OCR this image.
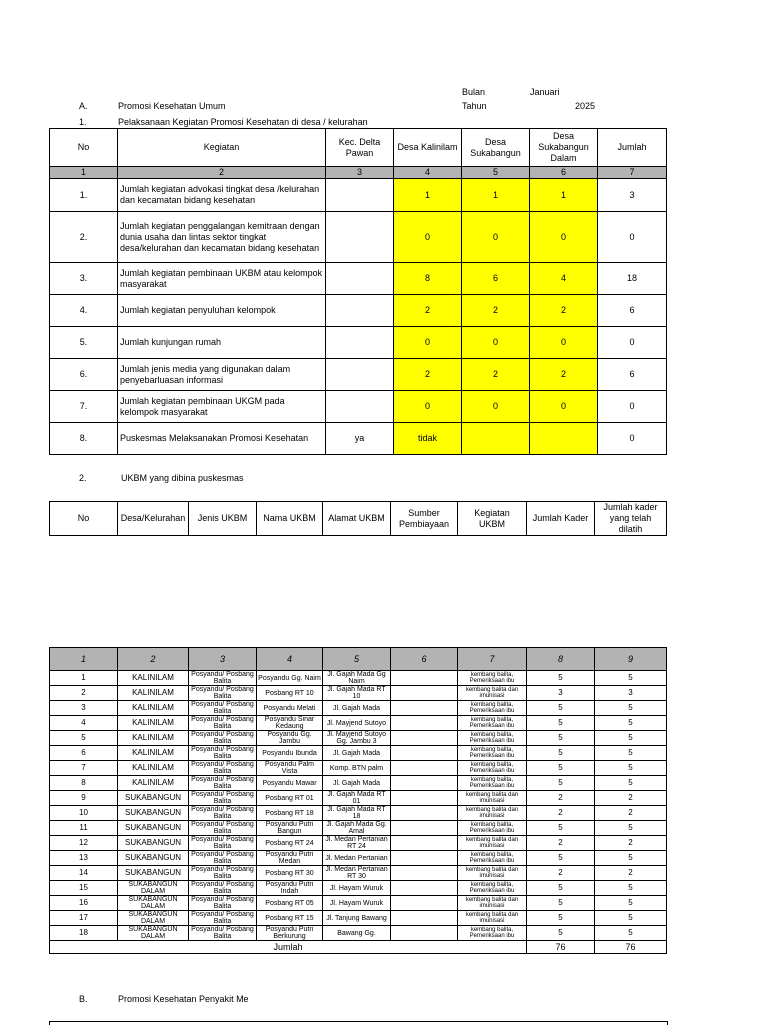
Bulan	Januari
Tahun	2025
A.	Promosi Kesehatan Umum
1.	Pelaksanaan Kegiatan Promosi Kesehatan di desa / kelurahan
No	Kegiatan	Kec. Delta Pawan	Desa Kalinilam	Desa Sukabangun	Desa Sukabangun Dalam	Jumlah
1	2	3	4	5	6	7
1.	Jumlah kegiatan advokasi tingkat desa /kelurahan dan kecamatan bidang kesehatan		1	1	1	3
2.	Jumlah kegiatan penggalangan kemitraan dengan dunia usaha dan lintas sektor tingkat desa/kelurahan dan kecamatan bidang kesehatan		0	0	0	0
3.	Jumlah kegiatan pembinaan UKBM atau kelompok masyarakat		8	6	4	18
4.	Jumlah kegiatan penyuluhan kelompok		2	2	2	6
5.	Jumlah kunjungan rumah		0	0	0	0
6.	Jumlah jenis media yang digunakan dalam penyebarluasan informasi		2	2	2	6
7.	Jumlah kegiatan pembinaan UKGM pada kelompok masyarakat		0	0	0	0
8.	Puskesmas Melaksanakan Promosi Kesehatan	ya	tidak			0
2.	UKBM yang dibina puskesmas
No	Desa/Kelurahan	Jenis UKBM	Nama UKBM	Alamat UKBM	Sumber Pembiayaan	Kegiatan UKBM	Jumlah Kader	Jumlah kader yang telah dilatih
1	2	3	4	5	6	7	8	9
1	KALINILAM	Posyandu/ Posbang Balita	Posyandu Gg. Naim	Jl. Gajah Mada Gg Naim		kembang balita, Pemeriksaan ibu	5	5
2	KALINILAM	Posyandu/ Posbang Balita	Posbang RT 10	Jl. Gajah Mada RT 10		kembang balita dan imunisasi	3	3
3	KALINILAM	Posyandu/ Posbang Balita	Posyandu Melati	Jl. Gajah Mada		kembang balita, Pemeriksaan ibu	5	5
4	KALINILAM	Posyandu/ Posbang Balita	Posyandu Sinar Kedaung	Jl. Mayjend Sutoyo		kembang balita, Pemeriksaan ibu	5	5
5	KALINILAM	Posyandu/ Posbang Balita	Posyandu Gg. Jambu	Jl. Mayjend Sutoyo Gg. Jambu 3		kembang balita, Pemeriksaan ibu	5	5
6	KALINILAM	Posyandu/ Posbang Balita	Posyandu Ibunda	Jl. Gajah Mada		kembang balita, Pemeriksaan ibu	5	5
7	KALINILAM	Posyandu/ Posbang Balita	Posyandu Palm Vista	Komp. BTN palm		kembang balita, Pemeriksaan ibu	5	5
8	KALINILAM	Posyandu/ Posbang Balita	Posyandu Mawar	Jl. Gajah Mada		kembang balita, Pemeriksaan ibu	5	5
9	SUKABANGUN	Posyandu/ Posbang Balita	Posbang RT 01	Jl. Gajah Mada RT 01		kembang balita dan imunisasi	2	2
10	SUKABANGUN	Posyandu/ Posbang Balita	Posbang RT 18	Jl. Gajah Mada RT 18		kembang balita dan imunisasi	2	2
11	SUKABANGUN	Posyandu/ Posbang Balita	Posyandu Putri Bangun	Jl. Gajah Mada Gg. Amal		kembang balita, Pemeriksaan ibu	5	5
12	SUKABANGUN	Posyandu/ Posbang Balita	Posbang RT 24	Jl. Medan Pertanian RT 24		kembang balita dan imunisasi	2	2
13	SUKABANGUN	Posyandu/ Posbang Balita	Posyandu Putri Medan	Jl. Medan Pertanian		kembang balita, Pemeriksaan ibu	5	5
14	SUKABANGUN	Posyandu/ Posbang Balita	Posbang RT 30	Jl. Medan Pertanian RT 30		kembang balita dan imunisasi	2	2
15	SUKABANGUN DALAM	Posyandu/ Posbang Balita	Posyandu Putri Indah	Jl. Hayam Wuruk		kembang balita, Pemeriksaan ibu	5	5
16	SUKABANGUN DALAM	Posyandu/ Posbang Balita	Posbang RT 05	Jl. Hayam Wuruk		kembang balita dan imunisasi	5	5
17	SUKABANGUN DALAM	Posyandu/ Posbang Balita	Posbang RT 15	Jl. Tanjung Bawang		kembang balita dan imunisasi	5	5
18	SUKABANGUN DALAM	Posyandu/ Posbang Balita	Posyandu Putri Berkurung	Bawang Gg.		kembang balita, Pemeriksaan ibu	5	5
Jumlah							76	76
B.	Promosi Kesehatan Penyakit Me
